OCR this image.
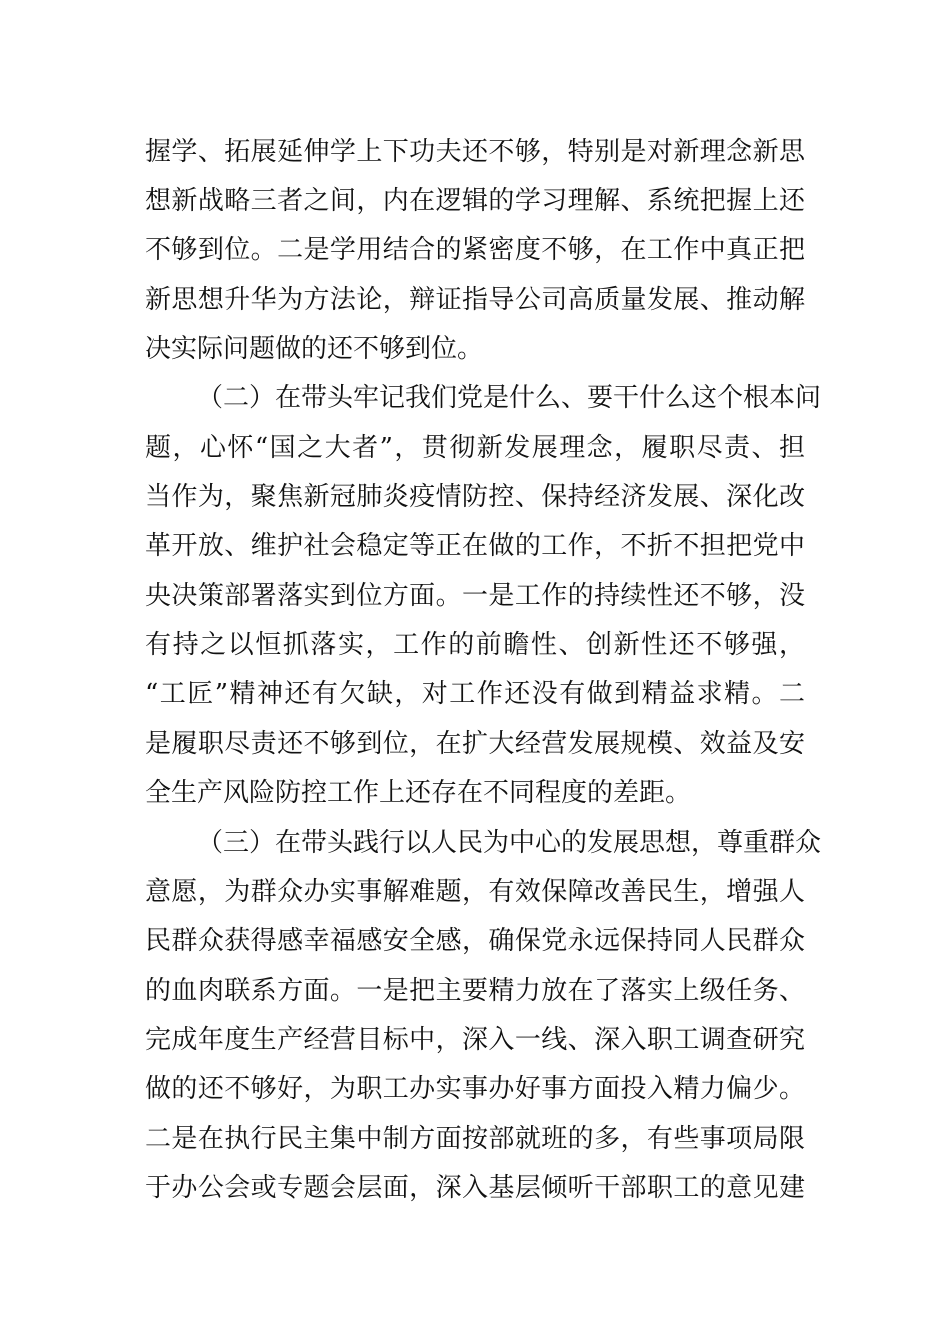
握学、拓展延伸学上下功夫还不够，特别是对新理念新思
想新战略三者之间，内在逻辑的学习理解、系统把握上还
不够到位。二是学用结合的紧密度不够，在工作中真正把
新思想升华为方法论，辩证指导公司高质量发展、推动解
决实际问题做的还不够到位。
（二）在带头牢记我们党是什么、要干什么这个根本问
题，心怀“国之大者”，贯彻新发展理念，履职尽责、担
当作为，聚焦新冠肺炎疫情防控、保持经济发展、深化改
革开放、维护社会稳定等正在做的工作，不折不担把党中
央决策部署落实到位方面。一是工作的持续性还不够，没
有持之以恒抓落实，工作的前瞻性、创新性还不够强，
“工匠”精神还有欠缺，对工作还没有做到精益求精。二
是履职尽责还不够到位，在扩大经营发展规模、效益及安
全生产风险防控工作上还存在不同程度的差距。
（三）在带头践行以人民为中心的发展思想，尊重群众
意愿，为群众办实事解难题，有效保障改善民生，增强人
民群众获得感幸福感安全感，确保党永远保持同人民群众
的血肉联系方面。一是把主要精力放在了落实上级任务、
完成年度生产经营目标中，深入一线、深入职工调查研究
做的还不够好，为职工办实事办好事方面投入精力偏少。
二是在执行民主集中制方面按部就班的多，有些事项局限
于办公会或专题会层面，深入基层倾听干部职工的意见建
